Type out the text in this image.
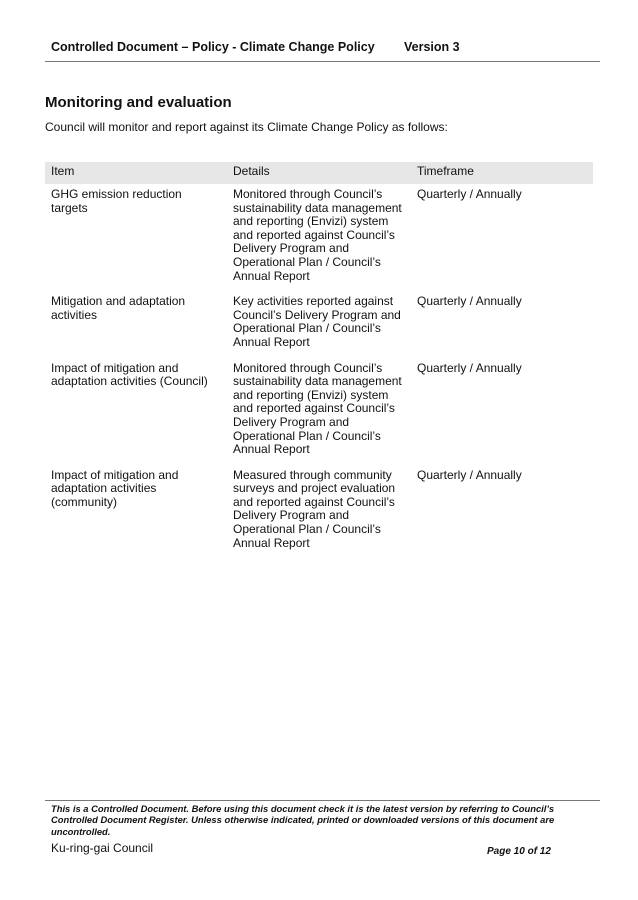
Controlled Document – Policy - Climate Change Policy Version 3
Monitoring and evaluation

Council will monitor and report against its Climate Change Policy as follows:

Item	Details	Timeframe
GHG emission reduction targets	Monitored through Council’s sustainability data management and reporting (Envizi) system and reported against Council’s Delivery Program and Operational Plan / Council’s Annual Report	Quarterly / Annually
Mitigation and adaptation activities	Key activities reported against Council’s Delivery Program and Operational Plan / Council’s Annual Report	Quarterly / Annually
Impact of mitigation and adaptation activities (Council)	Monitored through Council’s sustainability data management and reporting (Envizi) system and reported against Council’s Delivery Program and Operational Plan / Council’s Annual Report	Quarterly / Annually
Impact of mitigation and adaptation activities (community)	Measured through community surveys and project evaluation and reported against Council’s Delivery Program and Operational Plan / Council’s Annual Report	Quarterly / Annually

This is a Controlled Document. Before using this document check it is the latest version by referring to Council’s Controlled Document Register. Unless otherwise indicated, printed or downloaded versions of this document are uncontrolled.

Ku-ring-gai Council	Page 10 of 12
